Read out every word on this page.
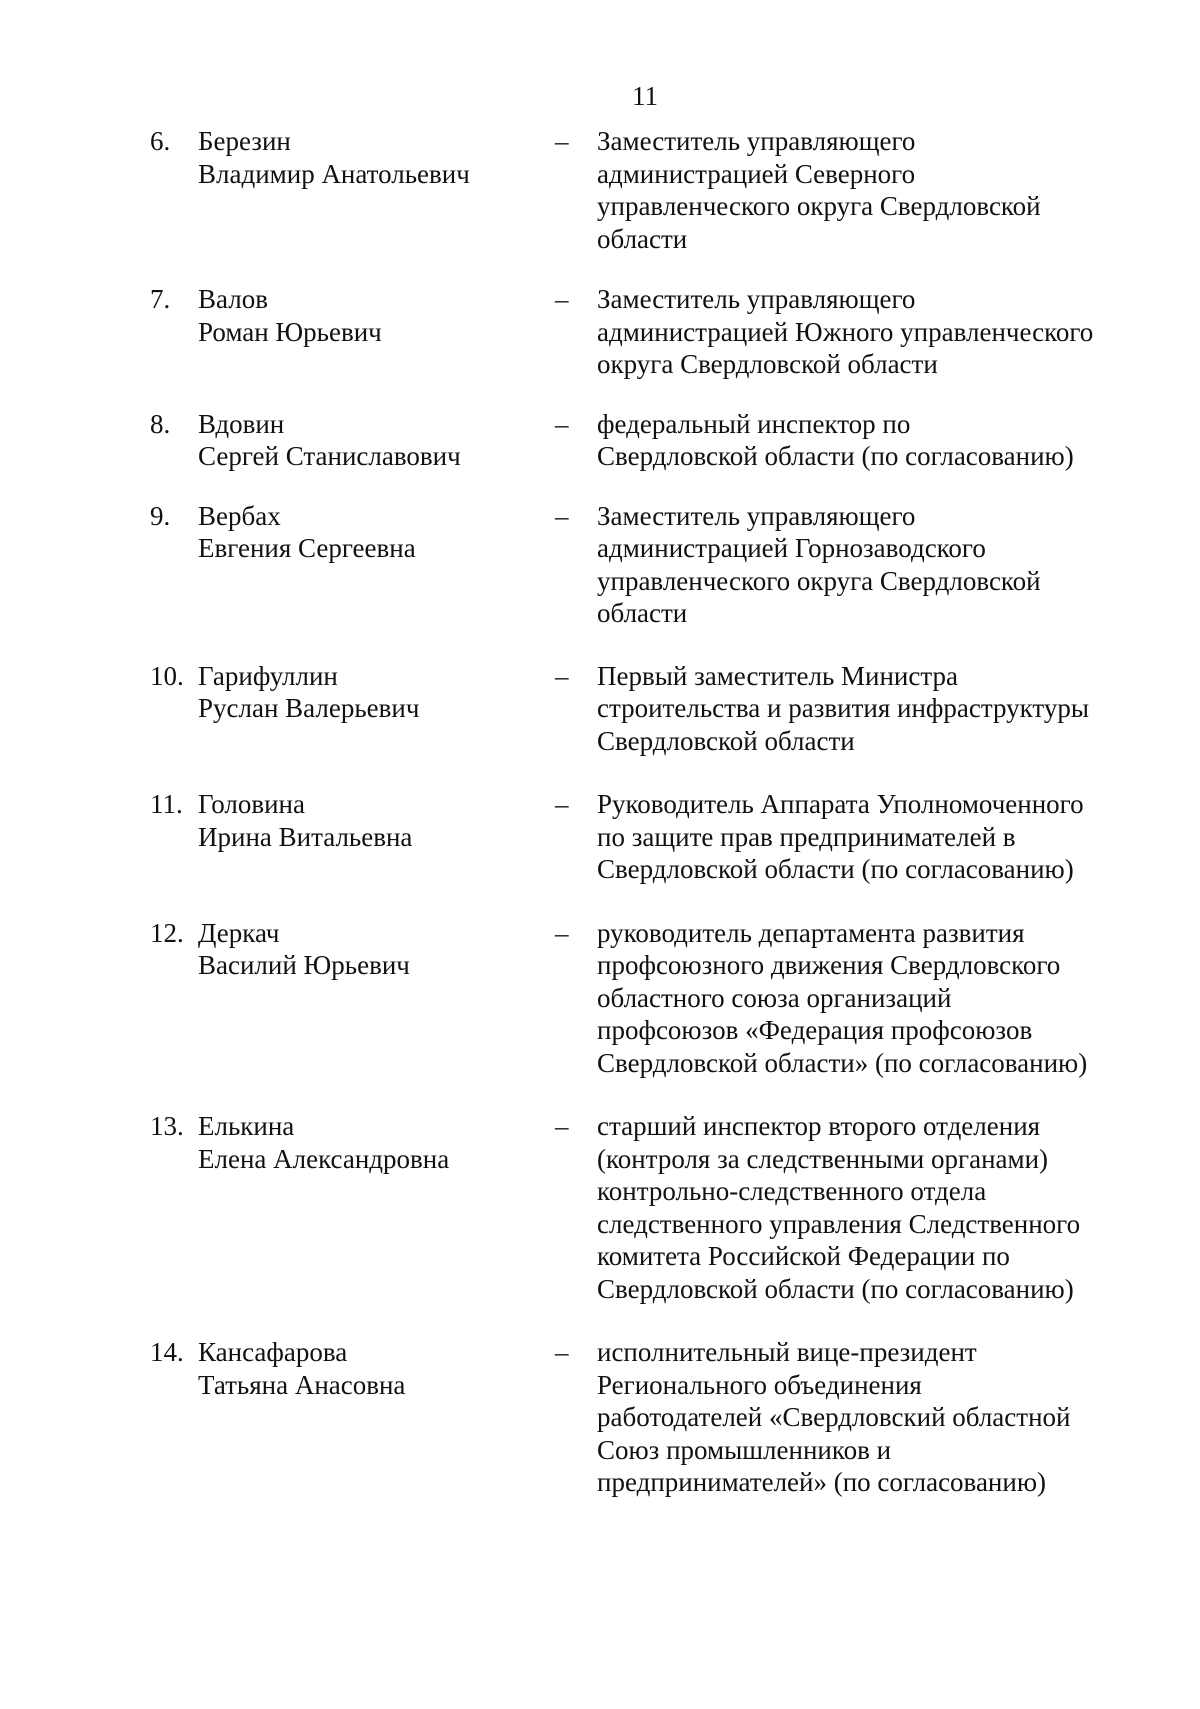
11
6. Березин
Владимир Анатольевич
– Заместитель управляющего
администрацией Северного
управленческого округа Свердловской
области
7. Валов
Роман Юрьевич
– Заместитель управляющего
администрацией Южного управленческого
округа Свердловской области
8. Вдовин
Сергей Станиславович
– федеральный инспектор по
Свердловской области (по согласованию)
9. Вербах
Евгения Сергеевна
– Заместитель управляющего
администрацией Горнозаводского
управленческого округа Свердловской
области
10. Гарифуллин
Руслан Валерьевич
– Первый заместитель Министра
строительства и развития инфраструктуры
Свердловской области
11. Головина
Ирина Витальевна
– Руководитель Аппарата Уполномоченного
по защите прав предпринимателей в
Свердловской области (по согласованию)
12. Деркач
Василий Юрьевич
– руководитель департамента развития
профсоюзного движения Свердловского
областного союза организаций
профсоюзов «Федерация профсоюзов
Свердловской области» (по согласованию)
13. Елькина
Елена Александровна
– старший инспектор второго отделения
(контроля за следственными органами)
контрольно-следственного отдела
следственного управления Следственного
комитета Российской Федерации по
Свердловской области (по согласованию)
14. Кансафарова
Татьяна Анасовна
– исполнительный вице-президент
Регионального объединения
работодателей «Свердловский областной
Союз промышленников и
предпринимателей» (по согласованию)
